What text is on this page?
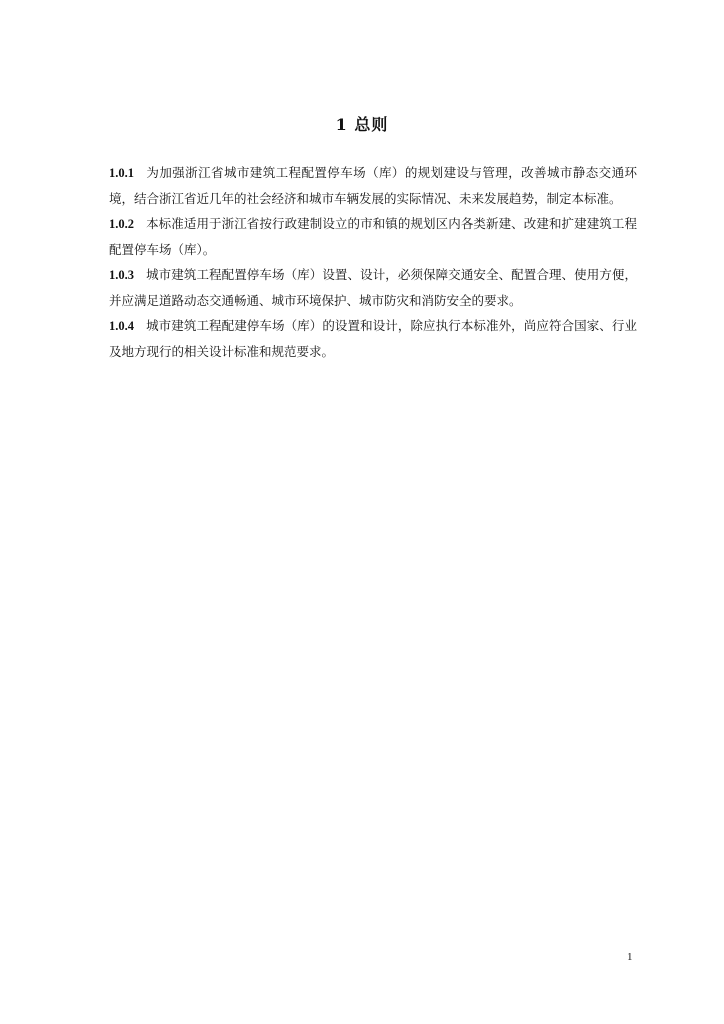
1 总则

1.0.1 为加强浙江省城市建筑工程配置停车场（库）的规划建设与管理，改善城市静态交通环境，结合浙江省近几年的社会经济和城市车辆发展的实际情况、未来发展趋势，制定本标准。

1.0.2 本标准适用于浙江省按行政建制设立的市和镇的规划区内各类新建、改建和扩建建筑工程配置停车场（库）。

1.0.3 城市建筑工程配置停车场（库）设置、设计，必须保障交通安全、配置合理、使用方便，并应满足道路动态交通畅通、城市环境保护、城市防灾和消防安全的要求。

1.0.4 城市建筑工程配建停车场（库）的设置和设计，除应执行本标准外，尚应符合国家、行业及地方现行的相关设计标准和规范要求。

1
